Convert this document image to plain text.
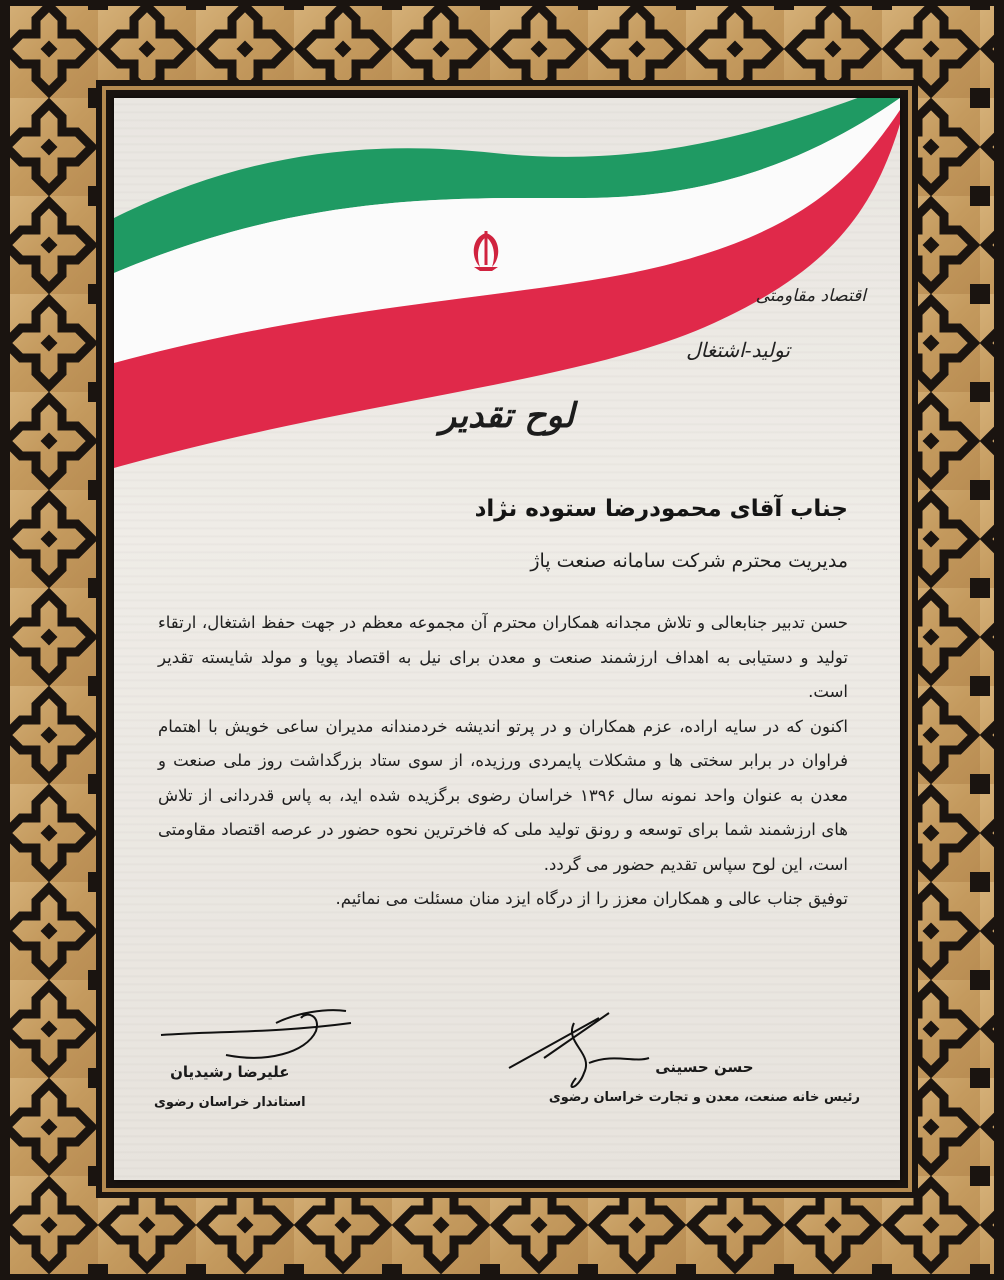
اقتصاد مقاومتی
تولید-اشتغال
لوح تقدیر
جناب آقای محمودرضا ستوده نژاد
مدیریت محترم شرکت سامانه صنعت پاژ

حسن تدبیر جنابعالی و تلاش مجدانه همکاران محترم آن مجموعه معظم در جهت حفظ اشتغال، ارتقاء تولید و دستیابی به اهداف ارزشمند صنعت و معدن برای نیل به اقتصاد پویا و مولد شایسته تقدیر است.

اکنون که در سایه اراده، عزم همکاران و در پرتو اندیشه خردمندانه مدیران ساعی خویش با اهتمام فراوان در برابر سختی ها و مشکلات پایمردی ورزیده، از سوی ستاد بزرگداشت روز ملی صنعت و معدن به عنوان واحد نمونه سال ۱۳۹۶ خراسان رضوی برگزیده شده اید، به پاس قدردانی از تلاش های ارزشمند شما برای توسعه و رونق تولید ملی که فاخرترین نحوه حضور در عرصه اقتصاد مقاومتی است، این لوح سپاس تقدیم حضور می گردد.

توفیق جناب عالی و همکاران معزز را از درگاه ایزد منان مسئلت می نمائیم.

علیرضا رشیدیان
استاندار خراسان رضوی
حسن حسینی
رئیس خانه صنعت، معدن و تجارت خراسان رضوی
